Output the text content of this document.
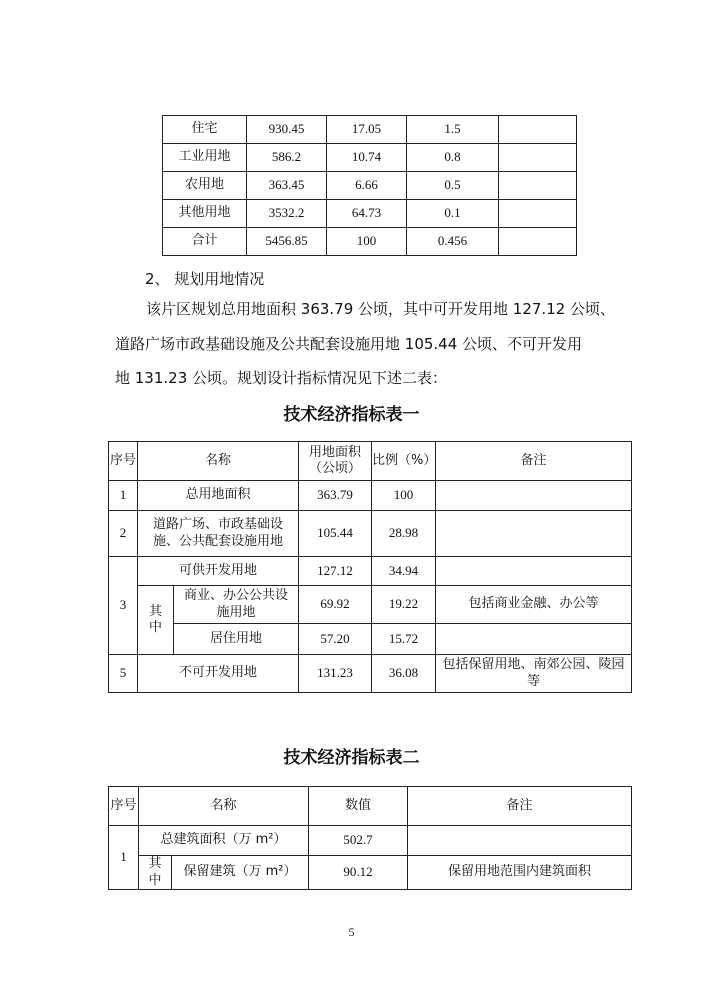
住宅	930.45	17.05	1.5	
工业用地	586.2	10.74	0.8	
农用地	363.45	6.66	0.5	
其他用地	3532.2	64.73	0.1	
合计	5456.85	100	0.456	
2、 规划用地情况
该片区规划总用地面积 363.79 公顷，其中可开发用地 127.12 公顷、
道路广场市政基础设施及公共配套设施用地 105.44 公顷、不可开发用
地 131.23 公顷。规划设计指标情况见下述二表：
技术经济指标表一
序号	名称		用地面积（公顷）	比例（%）	备注
1	总用地面积		363.79	100	
2	道路广场、市政基础设施、公共配套设施用地		105.44	28.98	
3	可供开发用地		127.12	34.94	
	其中	商业、办公公共设施用地	69.92	19.22	包括商业金融、办公等
		居住用地	57.20	15.72	
5	不可开发用地		131.23	36.08	包括保留用地、南郊公园、陵园等
技术经济指标表二
序号	名称		数值	备注
1	总建筑面积（万 m²）		502.7	
	其中	保留建筑（万 m²）	90.12	保留用地范围内建筑面积
5
